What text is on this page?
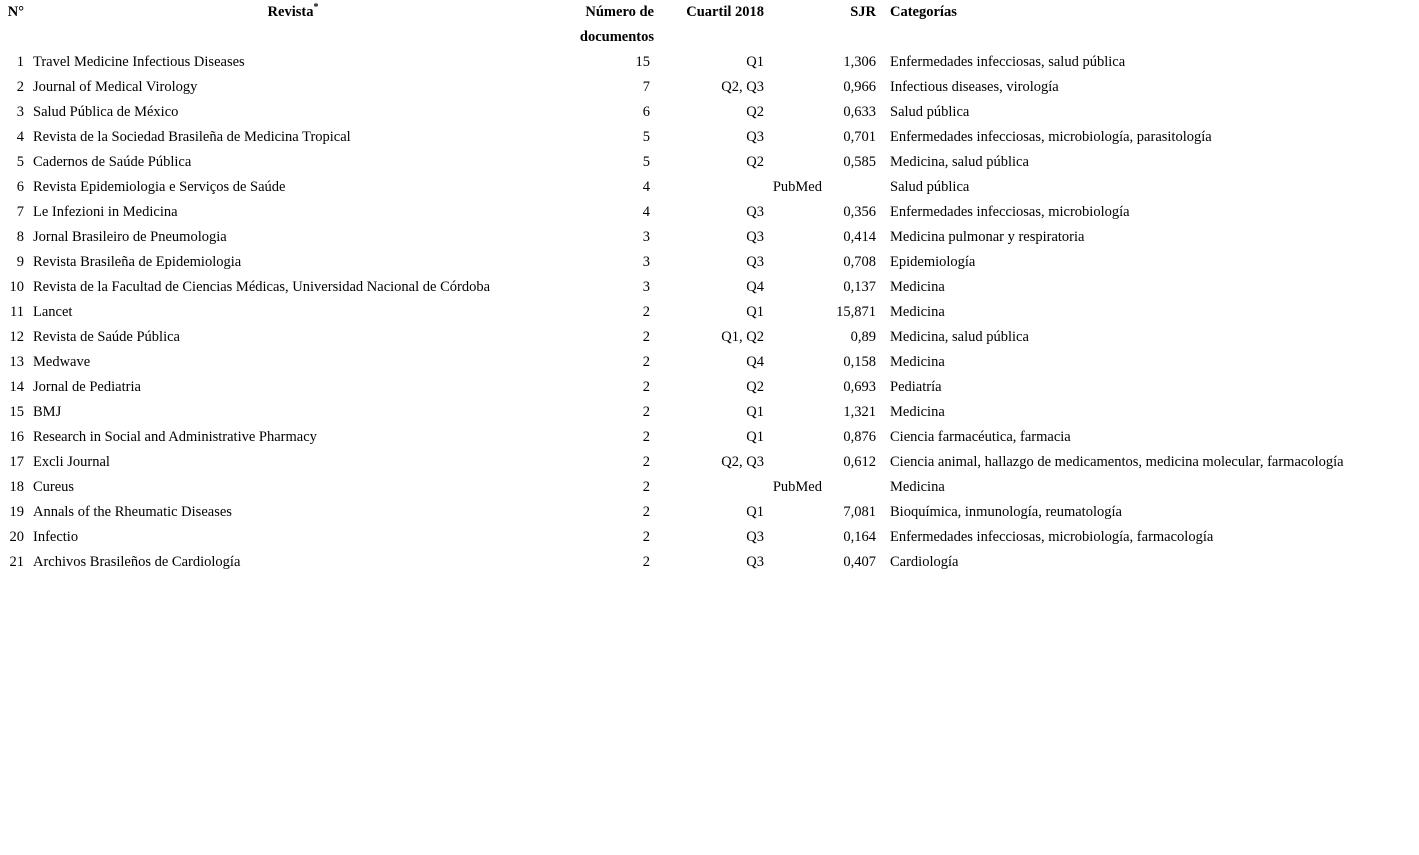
N°	Revista*	Número de documentos	Cuartil 2018	SJR	Categorías
1	Travel Medicine Infectious Diseases	15	Q1	1,306	Enfermedades infecciosas, salud pública
2	Journal of Medical Virology	7	Q2, Q3	0,966	Infectious diseases, virología
3	Salud Pública de México	6	Q2	0,633	Salud pública
4	Revista de la Sociedad Brasileña de Medicina Tropical	5	Q3	0,701	Enfermedades infecciosas, microbiología, parasitología
5	Cadernos de Saúde Pública	5	Q2	0,585	Medicina, salud pública
6	Revista Epidemiologia e Serviços de Saúde	4	PubMed		Salud pública
7	Le Infezioni in Medicina	4	Q3	0,356	Enfermedades infecciosas, microbiología
8	Jornal Brasileiro de Pneumologia	3	Q3	0,414	Medicina pulmonar y respiratoria
9	Revista Brasileña de Epidemiologia	3	Q3	0,708	Epidemiología
10	Revista de la Facultad de Ciencias Médicas, Universidad Nacional de Córdoba	3	Q4	0,137	Medicina
11	Lancet	2	Q1	15,871	Medicina
12	Revista de Saúde Pública	2	Q1, Q2	0,89	Medicina, salud pública
13	Medwave	2	Q4	0,158	Medicina
14	Jornal de Pediatria	2	Q2	0,693	Pediatría
15	BMJ	2	Q1	1,321	Medicina
16	Research in Social and Administrative Pharmacy	2	Q1	0,876	Ciencia farmacéutica, farmacia
17	Excli Journal	2	Q2, Q3	0,612	Ciencia animal, hallazgo de medicamentos, medicina molecular, farmacología
18	Cureus	2	PubMed		Medicina
19	Annals of the Rheumatic Diseases	2	Q1	7,081	Bioquímica, inmunología, reumatología
20	Infectio	2	Q3	0,164	Enfermedades infecciosas, microbiología, farmacología
21	Archivos Brasileños de Cardiología	2	Q3	0,407	Cardiología
